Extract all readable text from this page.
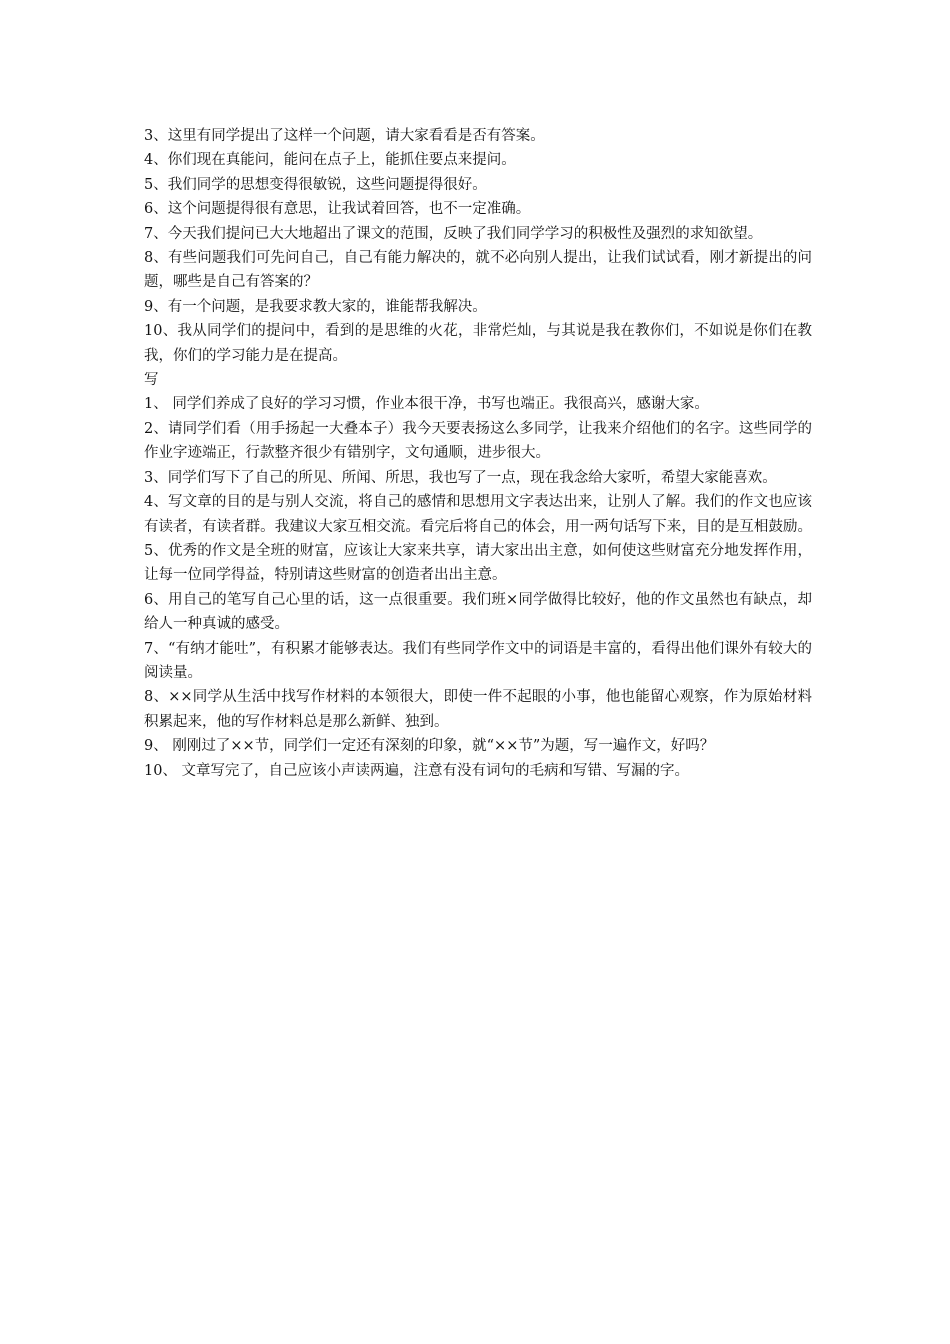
3、这里有同学提出了这样一个问题，请大家看看是否有答案。

4、你们现在真能问，能问在点子上，能抓住要点来提问。

5、我们同学的思想变得很敏锐，这些问题提得很好。

6、这个问题提得很有意思，让我试着回答，也不一定准确。

7、今天我们提问已大大地超出了课文的范围，反映了我们同学学习的积极性及强烈的求知欲望。

8、有些问题我们可先问自己，自己有能力解决的，就不必向别人提出，让我们试试看，刚才新提出的问题，哪些是自己有答案的？

9、有一个问题，是我要求教大家的，谁能帮我解决。

10、我从同学们的提问中，看到的是思维的火花，非常烂灿，与其说是我在教你们，不如说是你们在教我，你们的学习能力是在提高。

写

1、 同学们养成了良好的学习习惯，作业本很干净，书写也端正。我很高兴，感谢大家。

2、请同学们看（用手扬起一大叠本子）我今天要表扬这么多同学，让我来介绍他们的名字。这些同学的作业字迹端正，行款整齐很少有错别字，文句通顺，进步很大。

3、同学们写下了自己的所见、所闻、所思，我也写了一点，现在我念给大家听，希望大家能喜欢。

4、写文章的目的是与别人交流，将自己的感情和思想用文字表达出来，让别人了解。我们的作文也应该有读者，有读者群。我建议大家互相交流。看完后将自己的体会，用一两句话写下来，目的是互相鼓励。5、优秀的作文是全班的财富，应该让大家来共享，请大家出出主意，如何使这些财富充分地发挥作用，让每一位同学得益，特别请这些财富的创造者出出主意。

6、用自己的笔写自己心里的话，这一点很重要。我们班×同学做得比较好，他的作文虽然也有缺点，却给人一种真诚的感受。

7、“有纳才能吐”，有积累才能够表达。我们有些同学作文中的词语是丰富的，看得出他们课外有较大的阅读量。

8、××同学从生活中找写作材料的本领很大，即使一件不起眼的小事，他也能留心观察，作为原始材料积累起来，他的写作材料总是那么新鲜、独到。

9、 刚刚过了××节，同学们一定还有深刻的印象，就“××节”为题，写一遍作文，好吗？

10、 文章写完了，自己应该小声读两遍，注意有没有词句的毛病和写错、写漏的字。
